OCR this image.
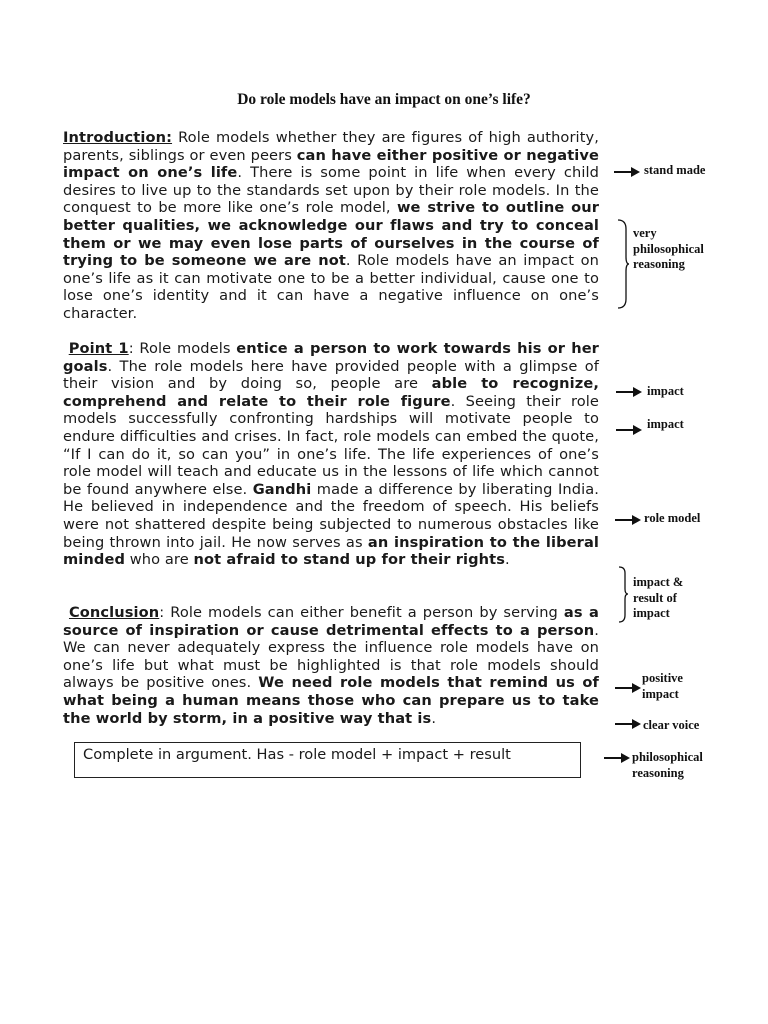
Do role models have an impact on one’s life?

Introduction: Role models whether they are figures of high authority, parents, siblings or even peers can have either positive or negative impact on one’s life. There is some point in life when every child desires to live up to the standards set upon by their role models. In the conquest to be more like one’s role model, we strive to outline our better qualities, we acknowledge our flaws and try to conceal them or we may even lose parts of ourselves in the course of trying to be someone we are not. Role models have an impact on one’s life as it can motivate one to be a better individual, cause one to lose one’s identity and it can have a negative influence on one’s character.

Point 1: Role models entice a person to work towards his or her goals. The role models here have provided people with a glimpse of their vision and by doing so, people are able to recognize, comprehend and relate to their role figure. Seeing their role models successfully confronting hardships will motivate people to endure difficulties and crises. In fact, role models can embed the quote, “If I can do it, so can you” in one’s life. The life experiences of one’s role model will teach and educate us in the lessons of life which cannot be found anywhere else. Gandhi made a difference by liberating India. He believed in independence and the freedom of speech. His beliefs were not shattered despite being subjected to numerous obstacles like being thrown into jail. He now serves as an inspiration to the liberal minded who are not afraid to stand up for their rights.

Conclusion: Role models can either benefit a person by serving as a source of inspiration or cause detrimental effects to a person. We can never adequately express the influence role models have on one’s life but what must be highlighted is that role models should always be positive ones. We need role models that remind us of what being a human means those who can prepare us to take the world by storm, in a positive way that is.

Complete in argument. Has - role model + impact + result
stand made
very
philosophical
reasoning
impact
impact
role model
impact &
result of
impact
positive
impact
clear voice
philosophical
reasoning
